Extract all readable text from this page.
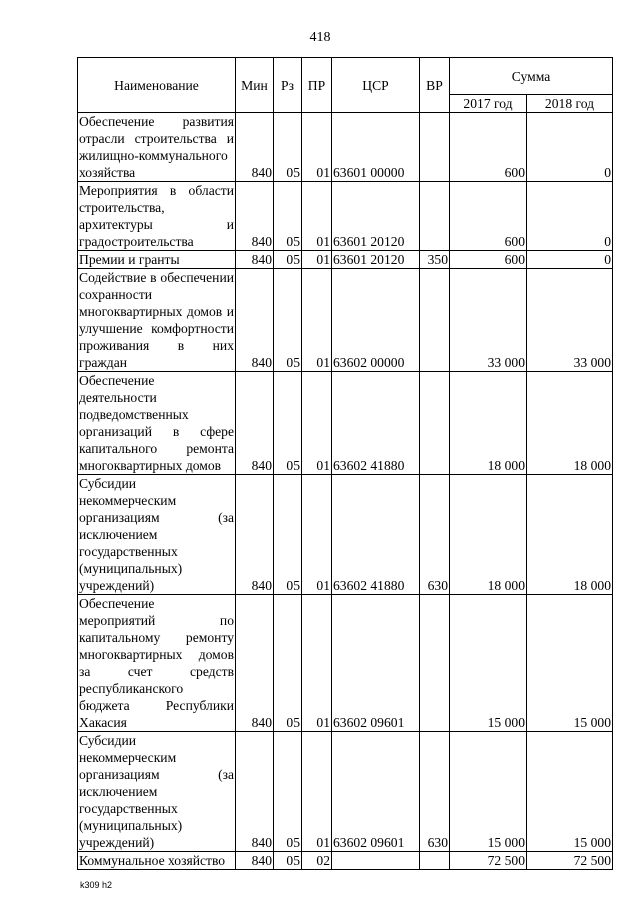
418
Наименование	Мин	Рз	ПР	ЦСР	ВР	Сумма	
						2017 год	2018 год
Обеспечение развития отрасли строительства и жилищно-коммунального хозяйства	840	05	01	63601 00000		600	0
Мероприятия в области строительства, архитектуры и градостроительства	840	05	01	63601 20120		600	0
Премии и гранты	840	05	01	63601 20120	350	600	0
Содействие в обеспечении сохранности многоквартирных домов и улучшение комфортности проживания в них граждан	840	05	01	63602 00000		33 000	33 000
Обеспечение деятельности подведомственных организаций в сфере капитального ремонта многоквартирных домов	840	05	01	63602 41880		18 000	18 000
Субсидии некоммерческим организациям (за исключением государственных (муниципальных) учреждений)	840	05	01	63602 41880	630	18 000	18 000
Обеспечение мероприятий по капитальному ремонту многоквартирных домов за счет средств республиканского бюджета Республики Хакасия	840	05	01	63602 09601		15 000	15 000
Субсидии некоммерческим организациям (за исключением государственных (муниципальных) учреждений)	840	05	01	63602 09601	630	15 000	15 000
Коммунальное хозяйство	840	05	02			72 500	72 500
k309 h2
